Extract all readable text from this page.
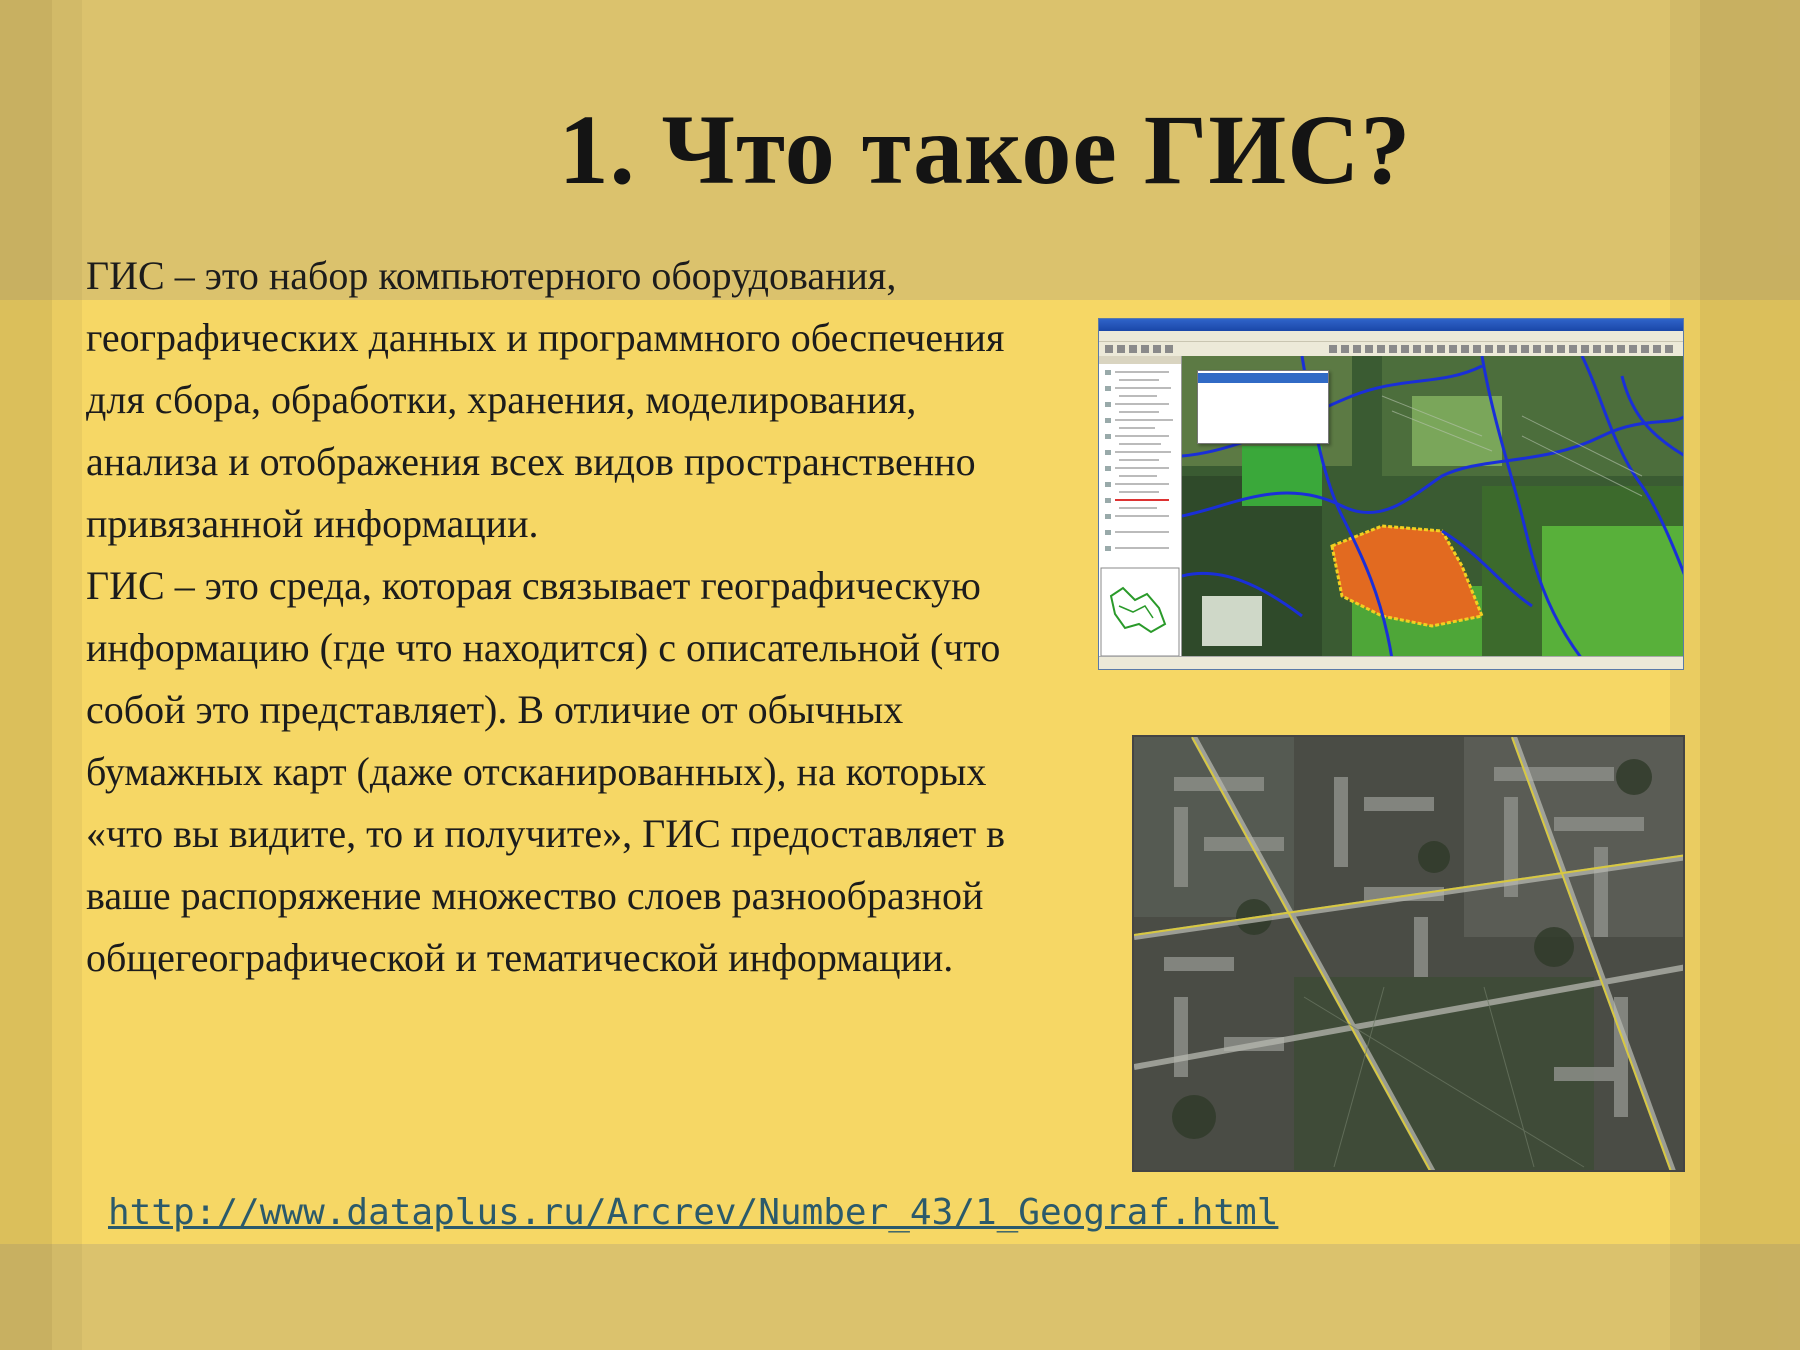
1. Что такое ГИС?

ГИС – это набор компьютерного оборудования, географических данных и программного обеспечения для сбора, обработки, хранения, моделирования, анализа и отображения всех видов пространственно привязанной информации.

ГИС – это среда, которая связывает географическую информацию (где что находится) с описательной (что собой это представляет). В отличие от обычных бумажных карт (даже отсканированных), на которых «что вы видите, то и получите», ГИС предоставляет в ваше распоряжение множество слоев разнообразной общегеографической и тематической информации.

http://www.dataplus.ru/Arcrev/Number_43/1_Geograf.html
